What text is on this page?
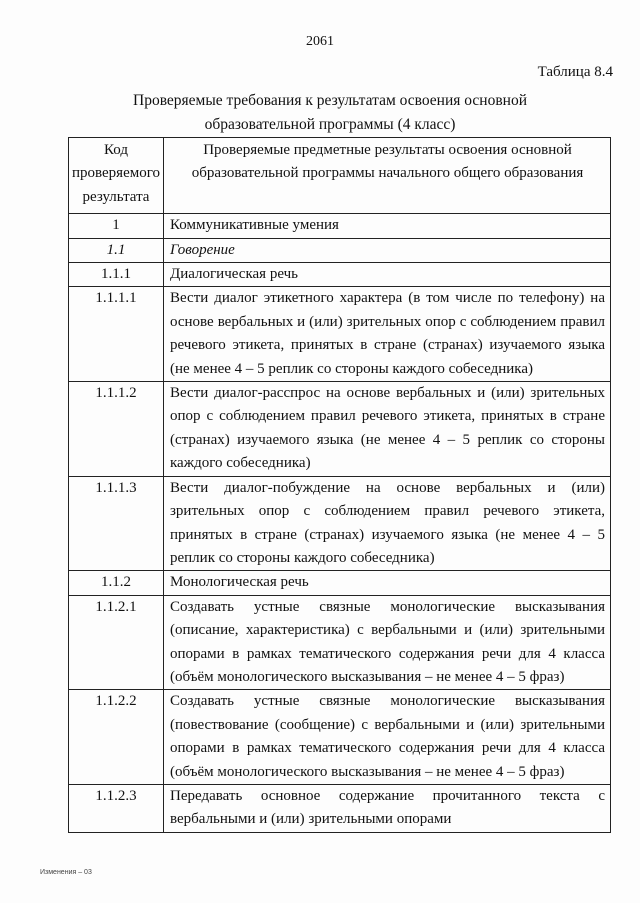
2061
Таблица 8.4
Проверяемые требования к результатам освоения основной
образовательной программы (4 класс)
Код проверяемого результата	Проверяемые предметные результаты освоения основной образовательной программы начального общего образования
1	Коммуникативные умения
1.1	Говорение
1.1.1	Диалогическая речь
1.1.1.1	Вести диалог этикетного характера (в том числе по телефону) на основе вербальных и (или) зрительных опор с соблюдением правил речевого этикета, принятых в стране (странах) изучаемого языка (не менее 4 – 5 реплик со стороны каждого собеседника)
1.1.1.2	Вести диалог-расспрос на основе вербальных и (или) зрительных опор с соблюдением правил речевого этикета, принятых в стране (странах) изучаемого языка (не менее 4 – 5 реплик со стороны каждого собеседника)
1.1.1.3	Вести диалог-побуждение на основе вербальных и (или) зрительных опор с соблюдением правил речевого этикета, принятых в стране (странах) изучаемого языка (не менее 4 – 5 реплик со стороны каждого собеседника)
1.1.2	Монологическая речь
1.1.2.1	Создавать устные связные монологические высказывания (описание, характеристика) с вербальными и (или) зрительными опорами в рамках тематического содержания речи для 4 класса (объём монологического высказывания – не менее 4 – 5 фраз)
1.1.2.2	Создавать устные связные монологические высказывания (повествование (сообщение) с вербальными и (или) зрительными опорами в рамках тематического содержания речи для 4 класса (объём монологического высказывания – не менее 4 – 5 фраз)
1.1.2.3	Передавать основное содержание прочитанного текста с вербальными и (или) зрительными опорами
Изменения – 03
